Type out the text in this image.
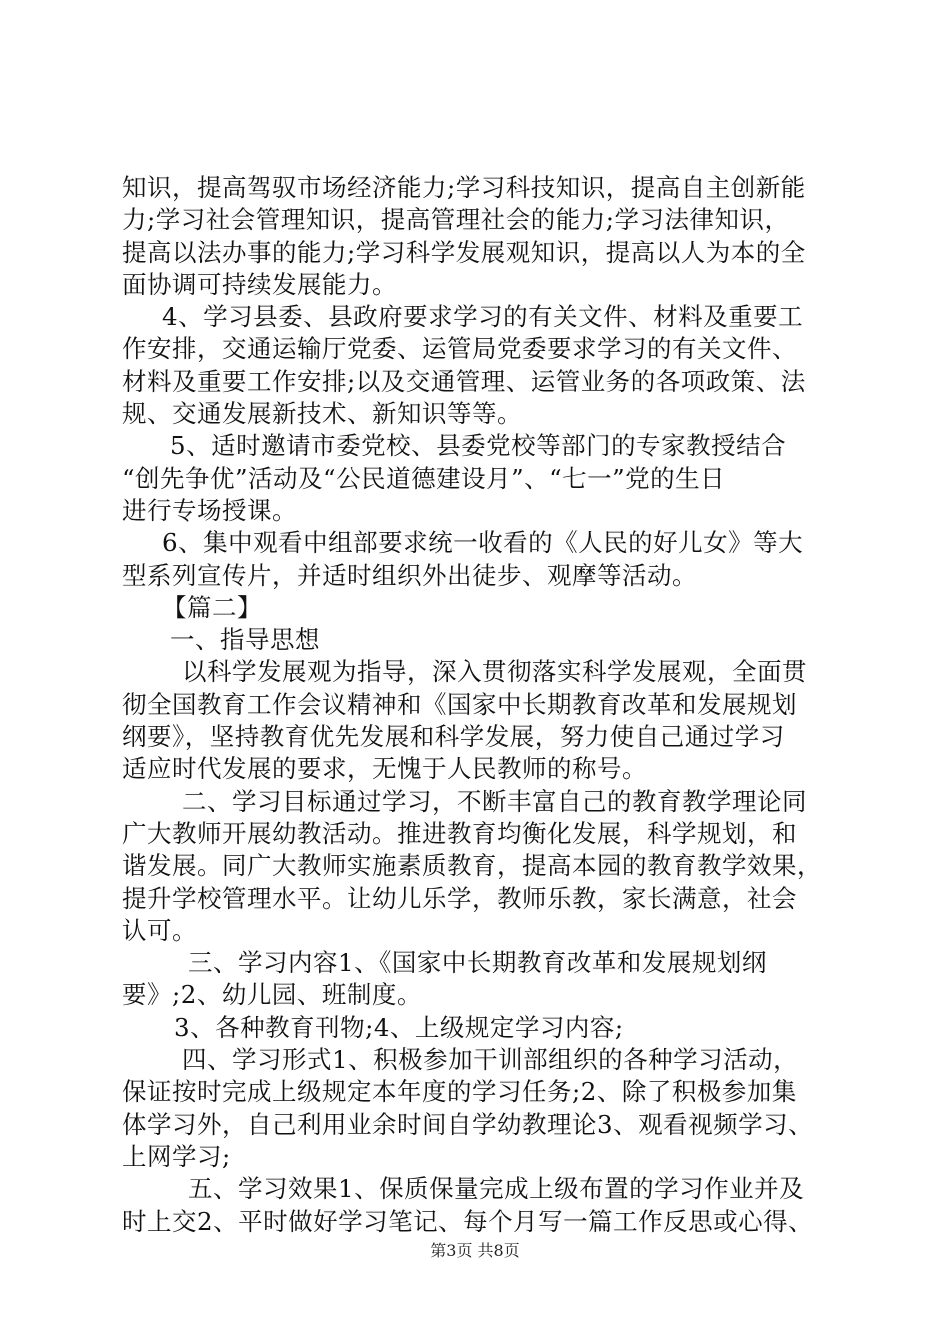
知识，提高驾驭市场经济能力;学习科技知识，提高自主创新能
力;学习社会管理知识，提高管理社会的能力;学习法律知识，
提高以法办事的能力;学习科学发展观知识，提高以人为本的全
面协调可持续发展能力。
4、学习县委、县政府要求学习的有关文件、材料及重要工
作安排，交通运输厅党委、运管局党委要求学习的有关文件、
材料及重要工作安排;以及交通管理、运管业务的各项政策、法
规、交通发展新技术、新知识等等。
5、适时邀请市委党校、县委党校等部门的专家教授结合
“创先争优”活动及“公民道德建设月”、“七一”党的生日
进行专场授课。
6、集中观看中组部要求统一收看的《人民的好儿女》等大
型系列宣传片，并适时组织外出徒步、观摩等活动。
【篇二】
一、指导思想
以科学发展观为指导，深入贯彻落实科学发展观，全面贯
彻全国教育工作会议精神和《国家中长期教育改革和发展规划
纲要》，坚持教育优先发展和科学发展，努力使自己通过学习
适应时代发展的要求，无愧于人民教师的称号。
二、学习目标通过学习，不断丰富自己的教育教学理论同
广大教师开展幼教活动。推进教育均衡化发展，科学规划，和
谐发展。同广大教师实施素质教育，提高本园的教育教学效果，
提升学校管理水平。让幼儿乐学，教师乐教，家长满意，社会
认可。
三、学习内容1、《国家中长期教育改革和发展规划纲
要》;2、幼儿园、班制度。
3、各种教育刊物;4、上级规定学习内容;
四、学习形式1、积极参加干训部组织的各种学习活动，
保证按时完成上级规定本年度的学习任务;2、除了积极参加集
体学习外，自己利用业余时间自学幼教理论3、观看视频学习、
上网学习;
五、学习效果1、保质保量完成上级布置的学习作业并及
时上交2、平时做好学习笔记、每个月写一篇工作反思或心得、
第3页 共8页
